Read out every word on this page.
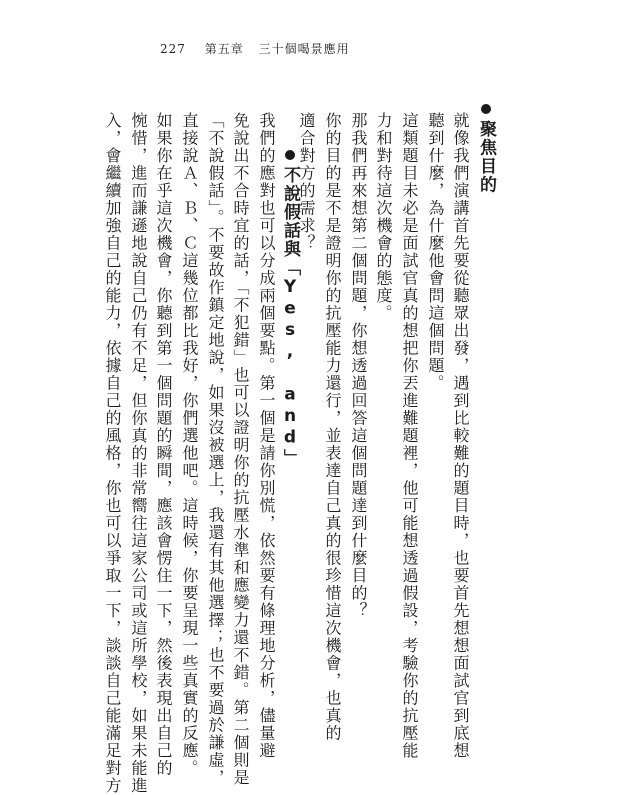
227 第五章 三十個喝景應用
聚焦目的
就像我們演講首先要從聽眾出發，遇到比較難的題目時，也要首先想想面試官到底想
聽到什麼，為什麼他會問這個問題。
這類題目未必是面試官真的想把你丟進難題裡，他可能想透過假設，考驗你的抗壓能
力和對待這次機會的態度。
那我們再來想第二個問題，你想透過回答這個問題達到什麼目的？
你的目的是不是證明你的抗壓能力還行，並表達自己真的很珍惜這次機會，也真的
適合對方的需求？
不說假話與「Yes, and」
我們的應對也可以分成兩個要點。第一個是請你別慌，依然要有條理地分析，儘量避
免說出不合時宜的話，「不犯錯」也可以證明你的抗壓水準和應變力還不錯。第二個則是
「不說假話」。不要故作鎮定地說，如果沒被選上，我還有其他選擇；也不要過於謙虛，
直接說Ａ、Ｂ、Ｃ這幾位都比我好，你們選他吧。這時候，你要呈現一些真實的反應。
如果你在乎這次機會，你聽到第一個問題的瞬間，應該會愣住一下，然後表現出自己的
惋惜，進而謙遜地說自己仍有不足，但你真的非常嚮往這家公司或這所學校，如果未能進
入，會繼續加強自己的能力，依據自己的風格，你也可以爭取一下，談談自己能滿足對方
